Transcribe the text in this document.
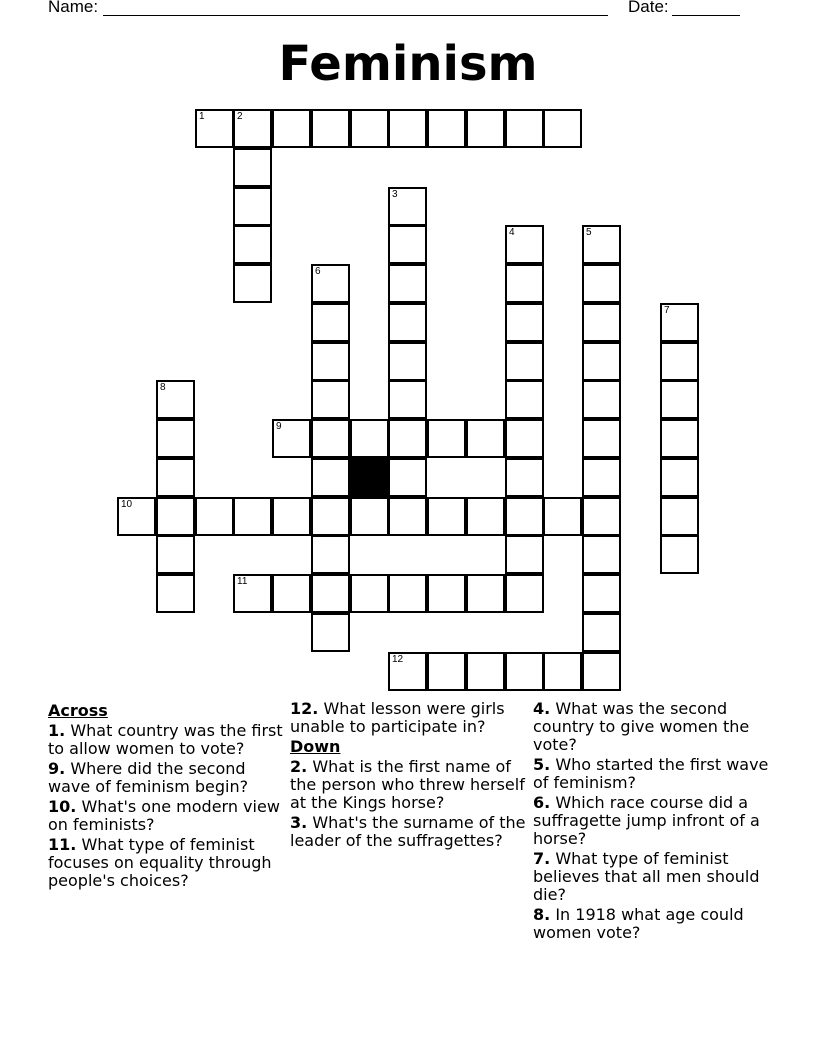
Name:	Date:
Feminism
1	2
9
10
11
12
3
4	5
6
7
8
Across
1. What country was the first to allow women to vote?
9. Where did the second wave of feminism begin?
10. What's one modern view on feminists?
11. What type of feminist focuses on equality through people's choices?
12. What lesson were girls unable to participate in?
Down
2. What is the first name of the person who threw herself at the Kings horse?
3. What's the surname of the leader of the suffragettes?
4. What was the second country to give women the vote?
5. Who started the first wave of feminism?
6. Which race course did a suffragette jump infront of a horse?
7. What type of feminist believes that all men should die?
8. In 1918 what age could women vote?
